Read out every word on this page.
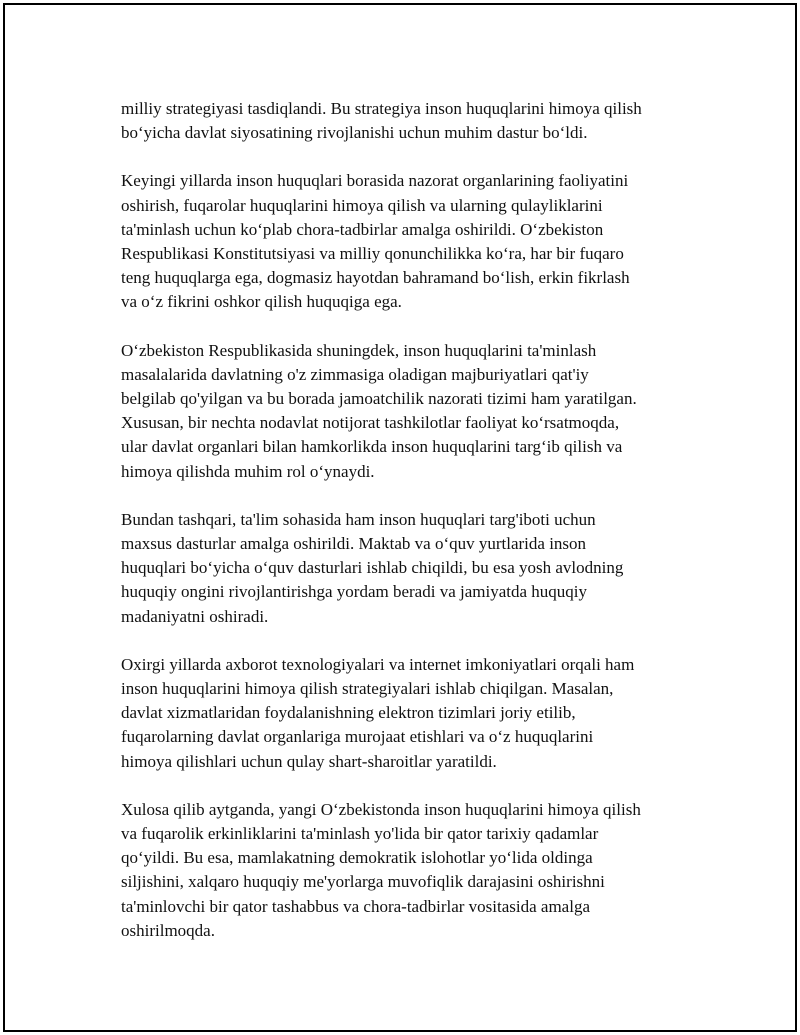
milliy strategiyasi tasdiqlandi. Bu strategiya inson huquqlarini himoya qilish
bo‘yicha davlat siyosatining rivojlanishi uchun muhim dastur bo‘ldi.

Keyingi yillarda inson huquqlari borasida nazorat organlarining faoliyatini
oshirish, fuqarolar huquqlarini himoya qilish va ularning qulayliklarini
ta'minlash uchun ko‘plab chora-tadbirlar amalga oshirildi. O‘zbekiston
Respublikasi Konstitutsiyasi va milliy qonunchilikka ko‘ra, har bir fuqaro
teng huquqlarga ega, dogmasiz hayotdan bahramand bo‘lish, erkin fikrlash
va o‘z fikrini oshkor qilish huquqiga ega.

O‘zbekiston Respublikasida shuningdek, inson huquqlarini ta'minlash
masalalarida davlatning o'z zimmasiga oladigan majburiyatlari qat'iy
belgilab qo'yilgan va bu borada jamoatchilik nazorati tizimi ham yaratilgan.
Xususan, bir nechta nodavlat notijorat tashkilotlar faoliyat ko‘rsatmoqda,
ular davlat organlari bilan hamkorlikda inson huquqlarini targ‘ib qilish va
himoya qilishda muhim rol o‘ynaydi.

Bundan tashqari, ta'lim sohasida ham inson huquqlari targ'iboti uchun
maxsus dasturlar amalga oshirildi. Maktab va o‘quv yurtlarida inson
huquqlari bo‘yicha o‘quv dasturlari ishlab chiqildi, bu esa yosh avlodning
huquqiy ongini rivojlantirishga yordam beradi va jamiyatda huquqiy
madaniyatni oshiradi.

Oxirgi yillarda axborot texnologiyalari va internet imkoniyatlari orqali ham
inson huquqlarini himoya qilish strategiyalari ishlab chiqilgan. Masalan,
davlat xizmatlaridan foydalanishning elektron tizimlari joriy etilib,
fuqarolarning davlat organlariga murojaat etishlari va o‘z huquqlarini
himoya qilishlari uchun qulay shart-sharoitlar yaratildi.

Xulosa qilib aytganda, yangi O‘zbekistonda inson huquqlarini himoya qilish
va fuqarolik erkinliklarini ta'minlash yo'lida bir qator tarixiy qadamlar
qo‘yildi. Bu esa, mamlakatning demokratik islohotlar yo‘lida oldinga
siljishini, xalqaro huquqiy me'yorlarga muvofiqlik darajasini oshirishni
ta'minlovchi bir qator tashabbus va chora-tadbirlar vositasida amalga
oshirilmoqda.
